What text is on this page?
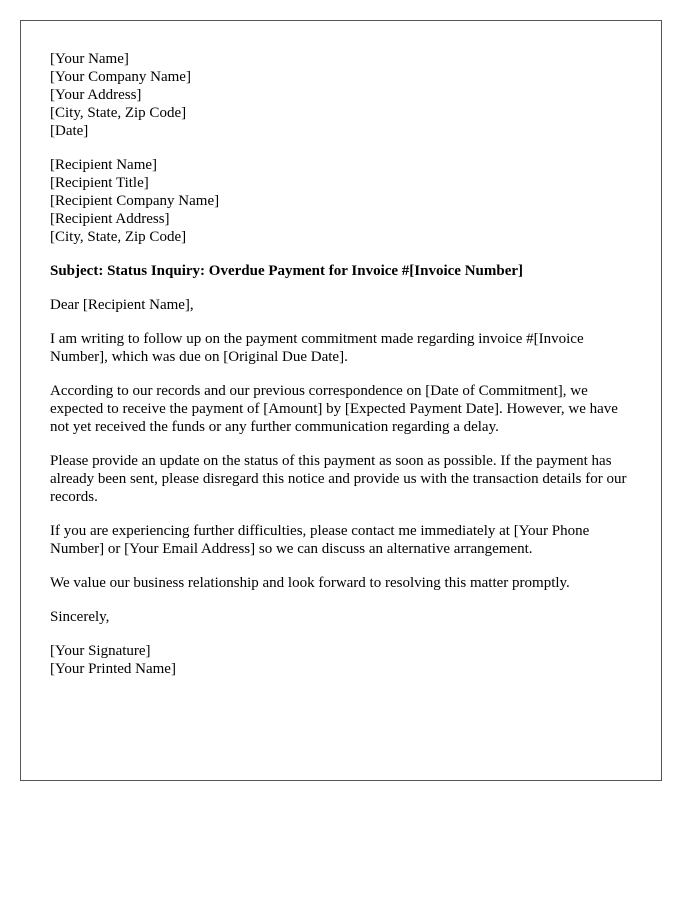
[Your Name]
[Your Company Name]
[Your Address]
[City, State, Zip Code]
[Date]
[Recipient Name]
[Recipient Title]
[Recipient Company Name]
[Recipient Address]
[City, State, Zip Code]

Subject: Status Inquiry: Overdue Payment for Invoice #[Invoice Number]

Dear [Recipient Name],

I am writing to follow up on the payment commitment made regarding invoice #[Invoice Number], which was due on [Original Due Date].

According to our records and our previous correspondence on [Date of Commitment], we expected to receive the payment of [Amount] by [Expected Payment Date]. However, we have not yet received the funds or any further communication regarding a delay.

Please provide an update on the status of this payment as soon as possible. If the payment has already been sent, please disregard this notice and provide us with the transaction details for our records.

If you are experiencing further difficulties, please contact me immediately at [Your Phone Number] or [Your Email Address] so we can discuss an alternative arrangement.

We value our business relationship and look forward to resolving this matter promptly.

Sincerely,

[Your Signature]
[Your Printed Name]
